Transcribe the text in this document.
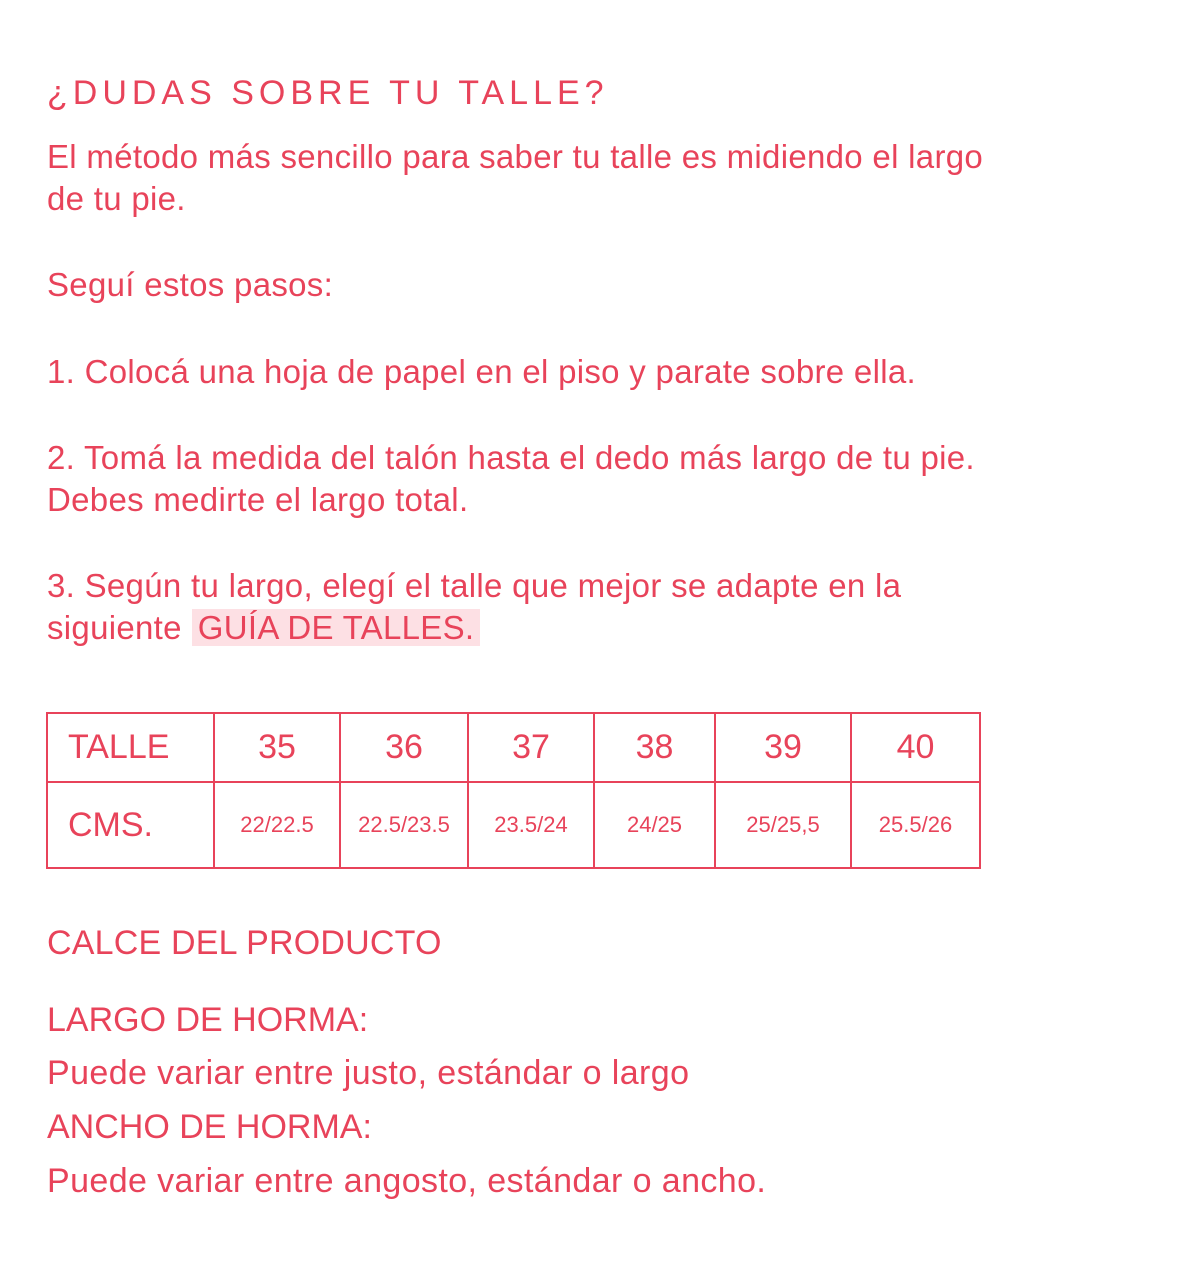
¿DUDAS SOBRE TU TALLE?
El método más sencillo para saber tu talle es midiendo el largo
de tu pie.
Seguí estos pasos:
1. Colocá una hoja de papel en el piso y parate sobre ella.
2. Tomá la medida del talón hasta el dedo más largo de tu pie.
Debes medirte el largo total.
3. Según tu largo, elegí el talle que mejor se adapte en la
siguiente GUÍA DE TALLES.
TALLE	35	36	37	38	39	40
CMS.	22/22.5	22.5/23.5	23.5/24	24/25	25/25,5	25.5/26
CALCE DEL PRODUCTO
LARGO DE HORMA:
Puede variar entre justo, estándar o largo
ANCHO DE HORMA:
Puede variar entre angosto, estándar o ancho.
